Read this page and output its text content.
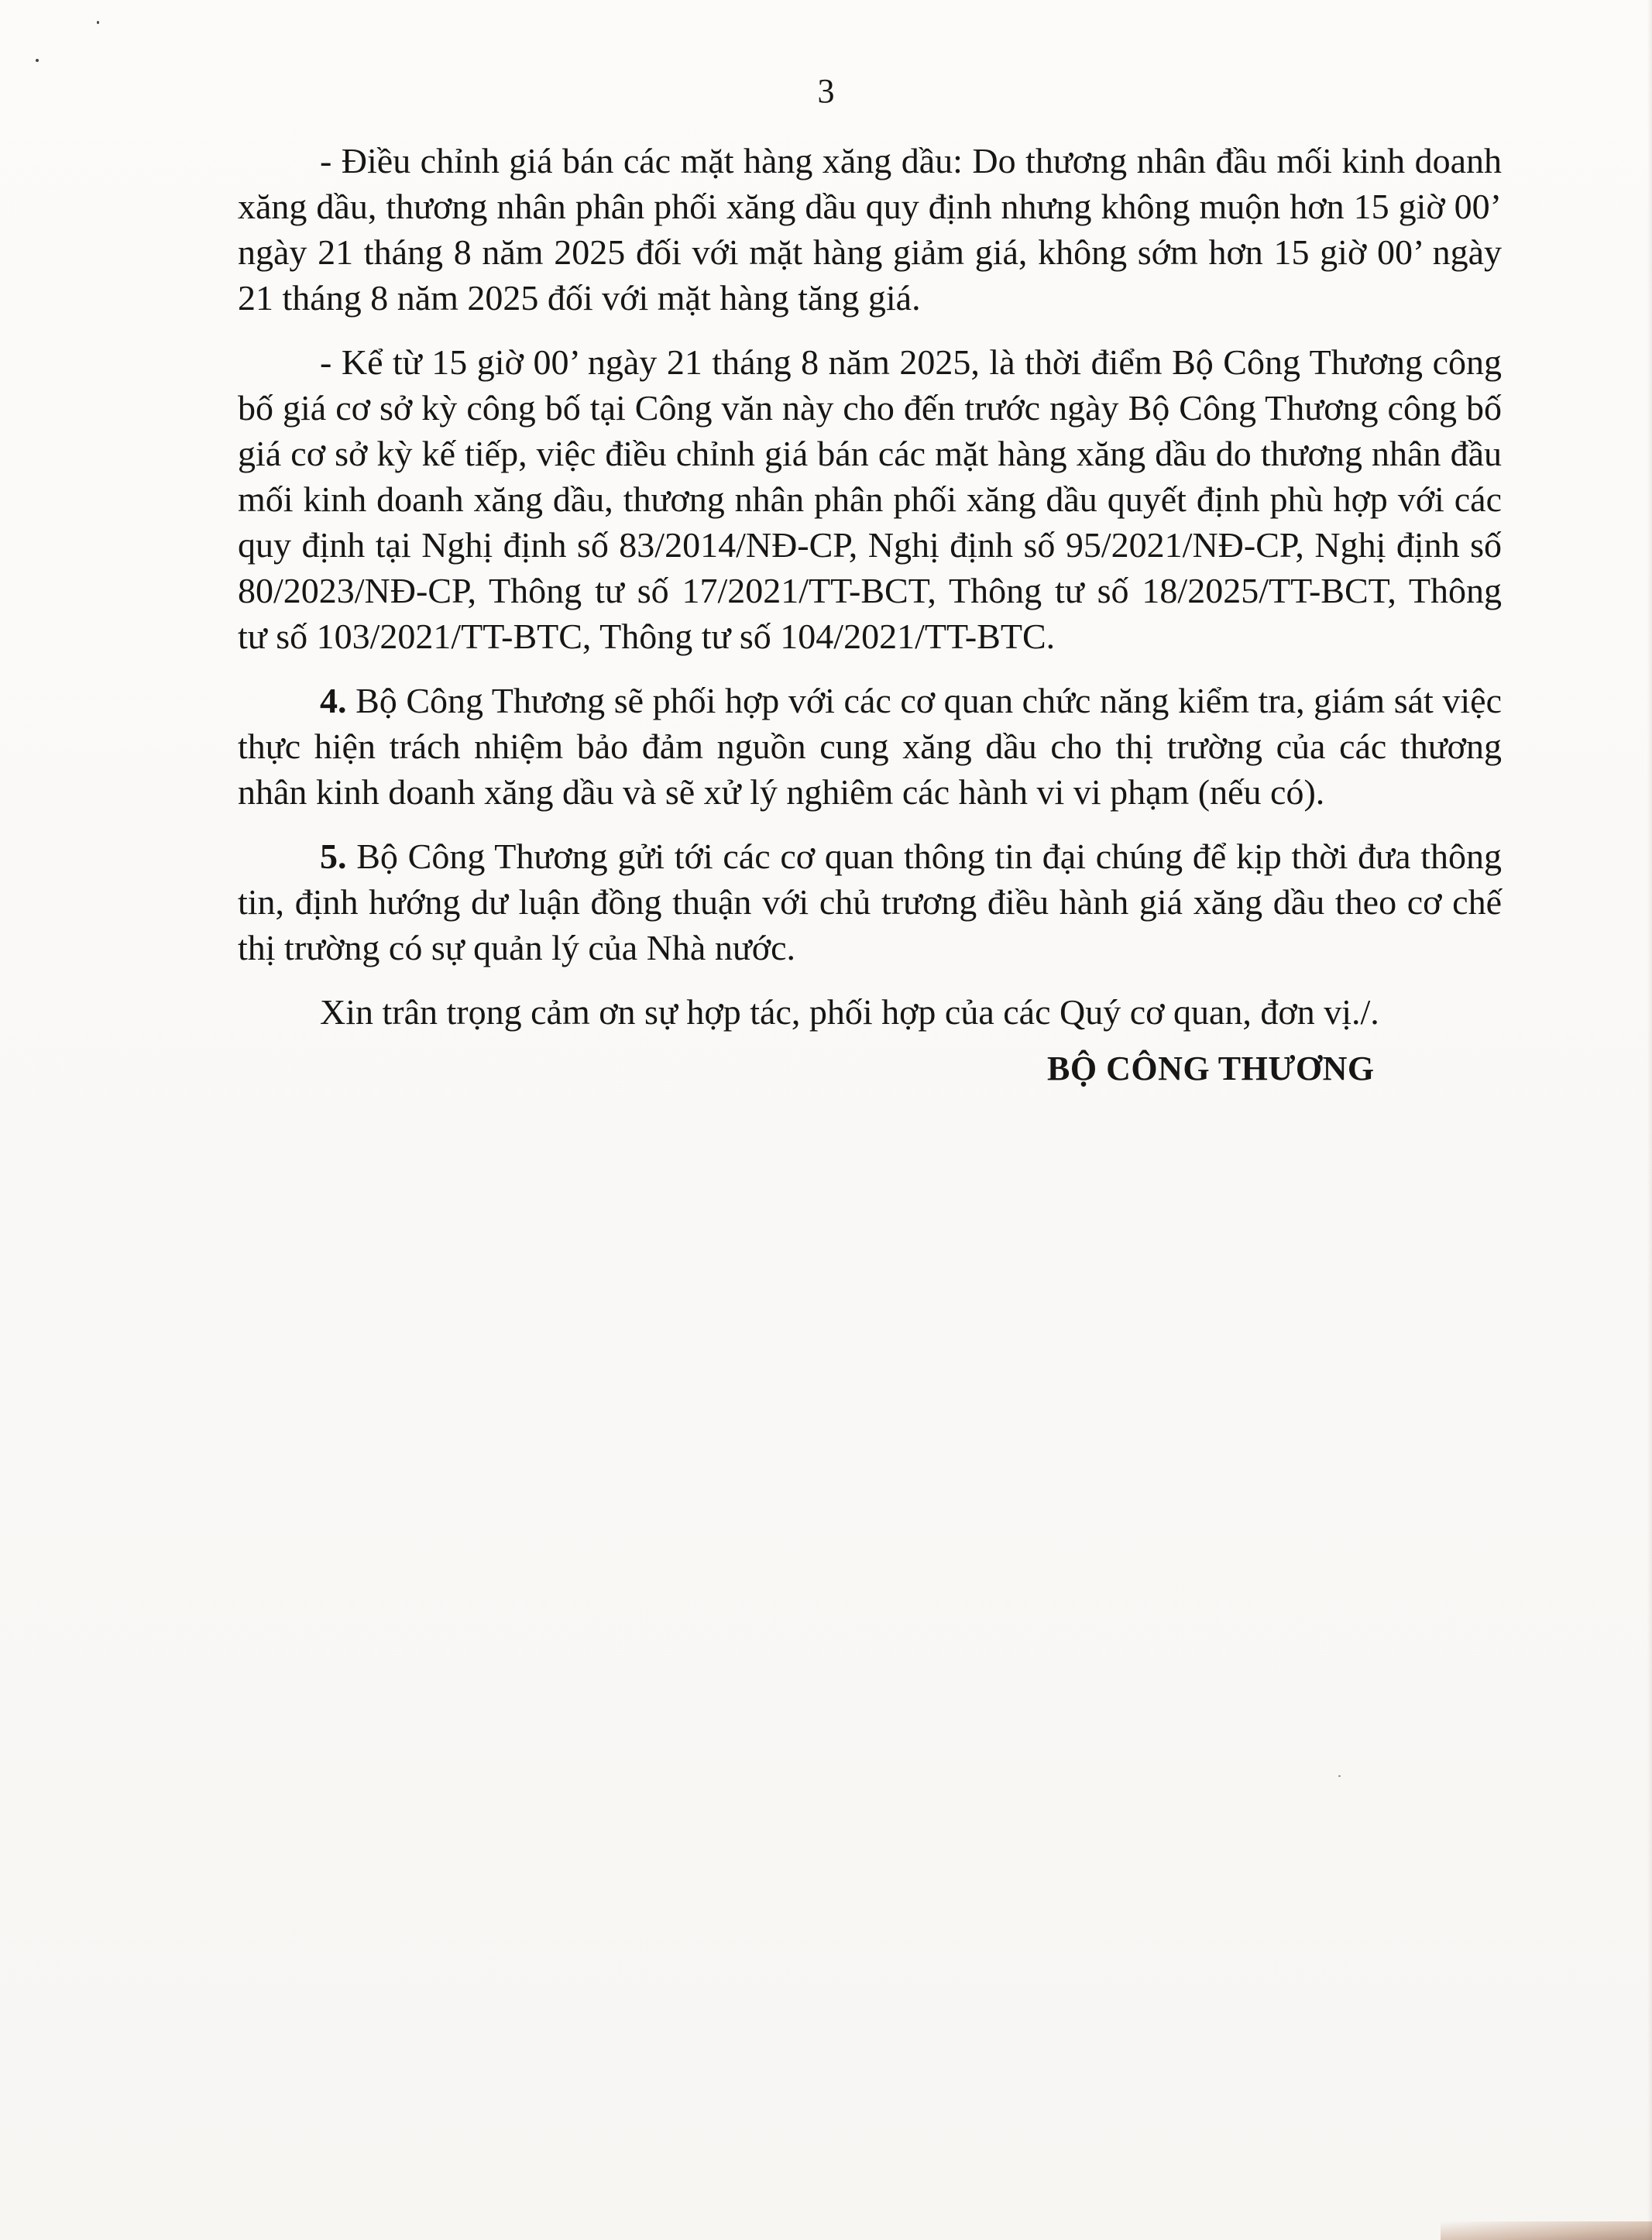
3

- Điều chỉnh giá bán các mặt hàng xăng dầu: Do thương nhân đầu mối kinh doanh xăng dầu, thương nhân phân phối xăng dầu quy định nhưng không muộn hơn 15 giờ 00’ ngày 21 tháng 8 năm 2025 đối với mặt hàng giảm giá, không sớm hơn 15 giờ 00’ ngày 21 tháng 8 năm 2025 đối với mặt hàng tăng giá.

- Kể từ 15 giờ 00’ ngày 21 tháng 8 năm 2025, là thời điểm Bộ Công Thương công bố giá cơ sở kỳ công bố tại Công văn này cho đến trước ngày Bộ Công Thương công bố giá cơ sở kỳ kế tiếp, việc điều chỉnh giá bán các mặt hàng xăng dầu do thương nhân đầu mối kinh doanh xăng dầu, thương nhân phân phối xăng dầu quyết định phù hợp với các quy định tại Nghị định số 83/2014/NĐ-CP, Nghị định số 95/2021/NĐ-CP, Nghị định số 80/2023/NĐ-CP, Thông tư số 17/2021/TT-BCT, Thông tư số 18/2025/TT-BCT, Thông tư số 103/2021/TT-BTC, Thông tư số 104/2021/TT-BTC.

4. Bộ Công Thương sẽ phối hợp với các cơ quan chức năng kiểm tra, giám sát việc thực hiện trách nhiệm bảo đảm nguồn cung xăng dầu cho thị trường của các thương nhân kinh doanh xăng dầu và sẽ xử lý nghiêm các hành vi vi phạm (nếu có).

5. Bộ Công Thương gửi tới các cơ quan thông tin đại chúng để kịp thời đưa thông tin, định hướng dư luận đồng thuận với chủ trương điều hành giá xăng dầu theo cơ chế thị trường có sự quản lý của Nhà nước.

Xin trân trọng cảm ơn sự hợp tác, phối hợp của các Quý cơ quan, đơn vị./.

BỘ CÔNG THƯƠNG
